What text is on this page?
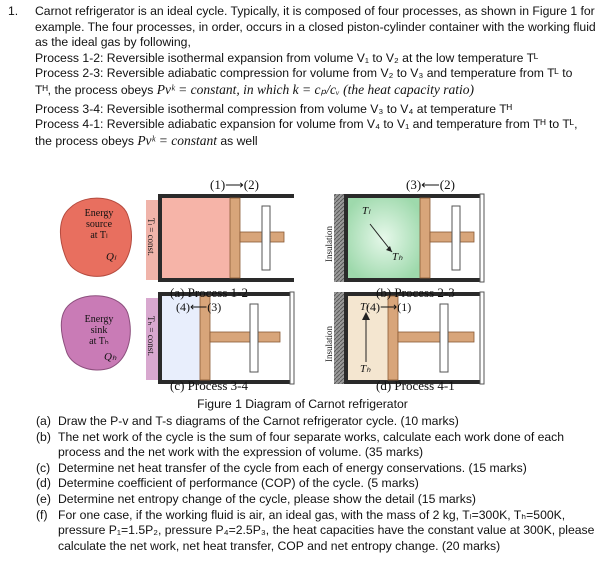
1.	Carnot refrigerator is an ideal cycle. Typically, it is composed of four processes, as shown in Figure 1 for example. The four processes, in order, occurs in a closed piston-cylinder container with the working fluid as the ideal gas by following,
Process 1-2: Reversible isothermal expansion from volume V₁ to V₂ at the low temperature Tᴸ
Process 2-3: Reversible adiabatic compression for volume from V₂ to V₃ and temperature from Tᴸ to
Tᴴ, the process obeys Pvᵏ = constant, in which k = cₚ/cᵥ (the heat capacity ratio)
Process 3-4: Reversible isothermal compression from volume V₃ to V₄ at temperature Tᴴ
Process 4-1: Reversible adiabatic expansion for volume from V₄ to V₁ and temperature from Tᴴ to Tᴸ,
the process obeys Pvᵏ = constant as well
(1)⟶(2)	(3)⟵(2)
(a) Process 1-2	(b) Process 2-3
(4)⟵(3)	(4)⟶(1)
(c) Process 3-4	(d) Process 4-1
Energy
source
at Tₗ
Qₗ
Tₗ = const.
Energy
sink
at Tₕ
Qₕ
Tₕ = const.
Insulation
Insulation
Tₗ
Tₕ
Tₗ
Tₕ
Figure 1 Diagram of Carnot refrigerator
(a) Draw the P-v and T-s diagrams of the Carnot refrigerator cycle. (10 marks)
(b) The net work of the cycle is the sum of four separate works, calculate each work done of each process and the net work with the expression of volume. (35 marks)
(c) Determine net heat transfer of the cycle from each of energy conservations. (15 marks)
(d) Determine coefficient of performance (COP) of the cycle. (5 marks)
(e) Determine net entropy change of the cycle, please show the detail (15 marks)
(f) For one case, if the working fluid is air, an ideal gas, with the mass of 2 kg, Tₗ=300K, Tₕ=500K, pressure P₁=1.5P₂, pressure P₄=2.5P₃, the heat capacities have the constant value at 300K, please calculate the net work, net heat transfer, COP and net entropy change. (20 marks)
